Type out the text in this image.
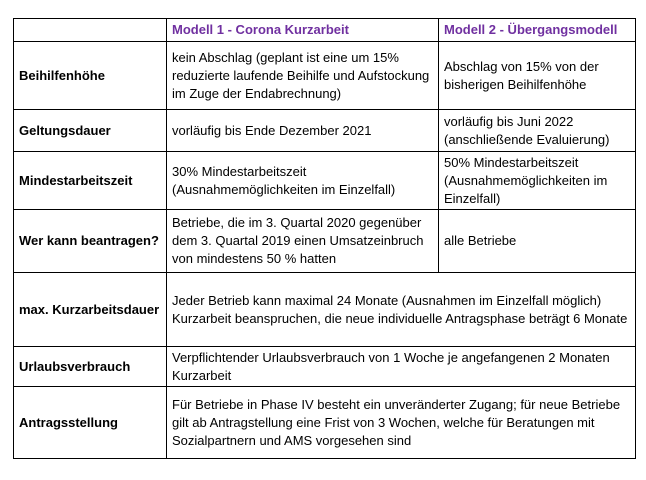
	Modell 1 - Corona Kurzarbeit	Modell 2 - Übergangsmodell
Beihilfenhöhe	kein Abschlag (geplant ist eine um 15% reduzierte laufende Beihilfe und Aufstockung im Zuge der Endabrechnung)	Abschlag von 15% von der bisherigen Beihilfenhöhe
Geltungsdauer	vorläufig bis Ende Dezember 2021	vorläufig bis Juni 2022 (anschließende Evaluierung)
Mindestarbeitszeit	30% Mindestarbeitszeit (Ausnahmemöglichkeiten im Einzelfall)	50% Mindestarbeitszeit (Ausnahmemöglichkeiten im Einzelfall)
Wer kann beantragen?	Betriebe, die im 3. Quartal 2020 gegenüber dem 3. Quartal 2019 einen Umsatzeinbruch von mindestens 50 % hatten	alle Betriebe
max. Kurzarbeitsdauer	Jeder Betrieb kann maximal 24 Monate (Ausnahmen im Einzelfall möglich) Kurzarbeit beanspruchen, die neue individuelle Antragsphase beträgt 6 Monate	
Urlaubsverbrauch	Verpflichtender Urlaubsverbrauch von 1 Woche je angefangenen 2 Monaten Kurzarbeit	
Antragsstellung	Für Betriebe in Phase IV besteht ein unveränderter Zugang; für neue Betriebe gilt ab Antragstellung eine Frist von 3 Wochen, welche für Beratungen mit Sozialpartnern und AMS vorgesehen sind	
